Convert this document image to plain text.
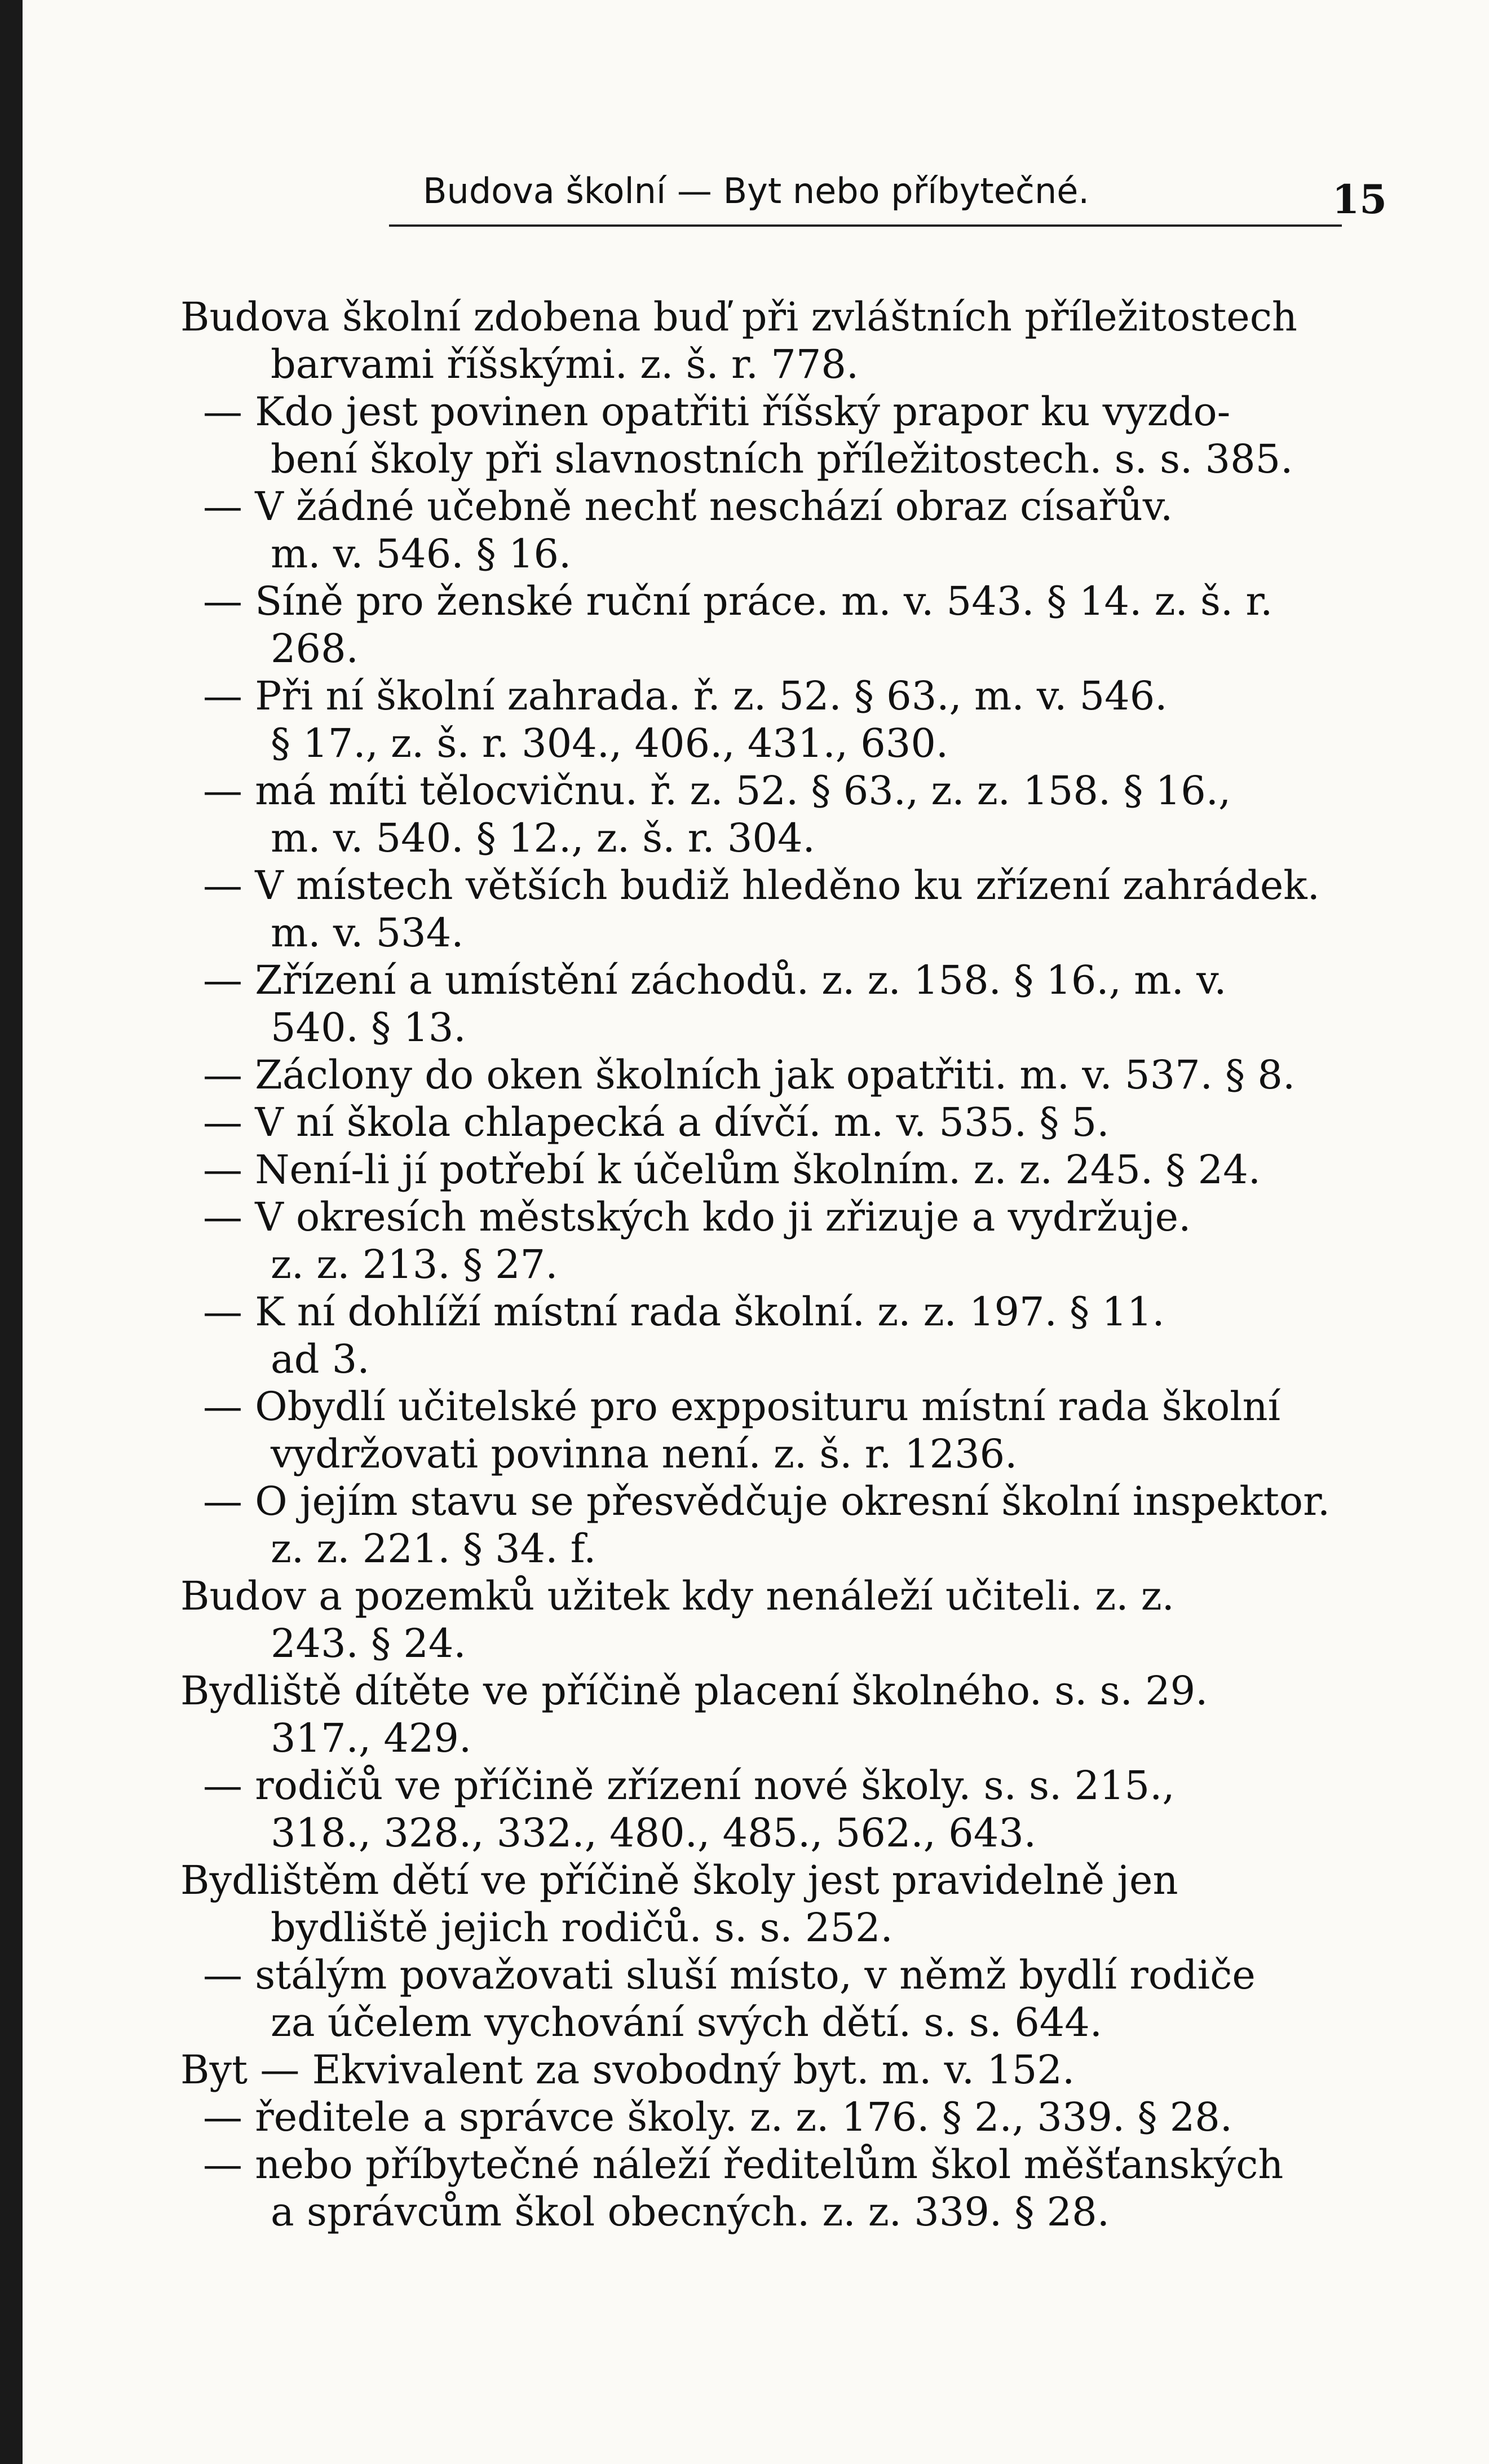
Budova školní — Byt nebo příbytečné.	15
Budova školní zdobena buď při zvláštních příležitostech
barvami říšskými. z. š. r. 778.
— Kdo jest povinen opatřiti říšský prapor ku vyzdo-
bení školy při slavnostních příležitostech. s. s. 385.
— V žádné učebně nechť neschází obraz císařův.
m. v. 546. § 16.
— Síně pro ženské ruční práce. m. v. 543. § 14. z. š. r.
268.
— Při ní školní zahrada. ř. z. 52. § 63., m. v. 546.
§ 17., z. š. r. 304., 406., 431., 630.
— má míti tělocvičnu. ř. z. 52. § 63., z. z. 158. § 16.,
m. v. 540. § 12., z. š. r. 304.
— V místech větších budiž hleděno ku zřízení zahrádek.
m. v. 534.
— Zřízení a umístění záchodů. z. z. 158. § 16., m. v.
540. § 13.
— Záclony do oken školních jak opatřiti. m. v. 537. § 8.
— V ní škola chlapecká a dívčí. m. v. 535. § 5.
— Není-li jí potřebí k účelům školním. z. z. 245. § 24.
— V okresích městských kdo ji zřizuje a vydržuje.
z. z. 213. § 27.
— K ní dohlíží místní rada školní. z. z. 197. § 11.
ad 3.
— Obydlí učitelské pro expposituru místní rada školní
vydržovati povinna není. z. š. r. 1236.
— O jejím stavu se přesvědčuje okresní školní inspektor.
z. z. 221. § 34. f.
Budov a pozemků užitek kdy nenáleží učiteli. z. z.
243. § 24.
Bydliště dítěte ve příčině placení školného. s. s. 29.
317., 429.
— rodičů ve příčině zřízení nové školy. s. s. 215.,
318., 328., 332., 480., 485., 562., 643.
Bydlištěm dětí ve příčině školy jest pravidelně jen
bydliště jejich rodičů. s. s. 252.
— stálým považovati sluší místo, v němž bydlí rodiče
za účelem vychování svých dětí. s. s. 644.
Byt — Ekvivalent za svobodný byt. m. v. 152.
— ředitele a správce školy. z. z. 176. § 2., 339. § 28.
— nebo příbytečné náleží ředitelům škol měšťanských
a správcům škol obecných. z. z. 339. § 28.
